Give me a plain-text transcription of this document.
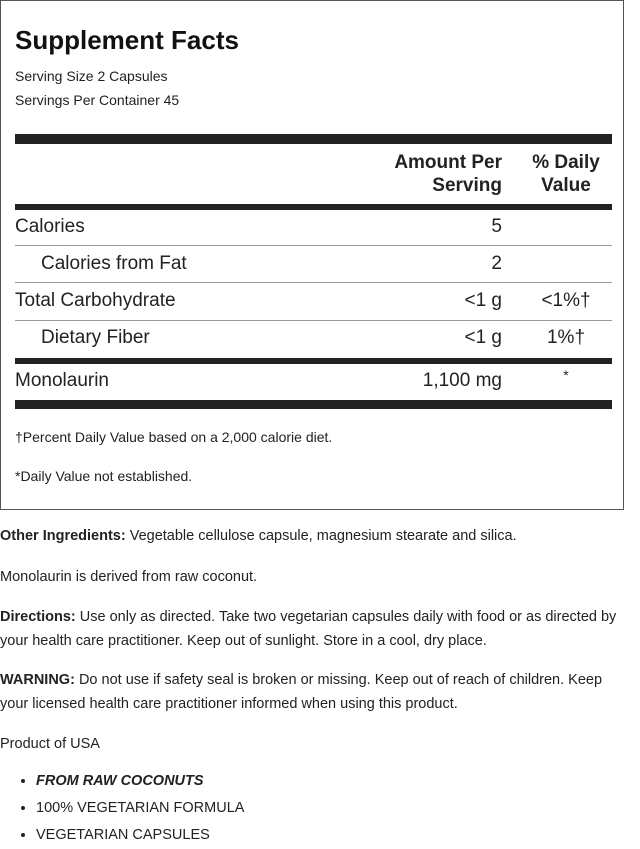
Supplement Facts
Serving Size 2 Capsules
Servings Per Container 45
Amount Per Serving
% Daily Value
Calories	5
Calories from Fat	2
Total Carbohydrate	<1 g	<1%†
Dietary Fiber	<1 g	1%†
Monolaurin	1,100 mg	*
†Percent Daily Value based on a 2,000 calorie diet.
*Daily Value not established.
Other Ingredients: Vegetable cellulose capsule, magnesium stearate and silica.
Monolaurin is derived from raw coconut.
Directions: Use only as directed. Take two vegetarian capsules daily with food or as directed by your health care practitioner. Keep out of sunlight. Store in a cool, dry place.
WARNING: Do not use if safety seal is broken or missing. Keep out of reach of children. Keep your licensed health care practitioner informed when using this product.
Product of USA
• FROM RAW COCONUTS
• 100% VEGETARIAN FORMULA
• VEGETARIAN CAPSULES
